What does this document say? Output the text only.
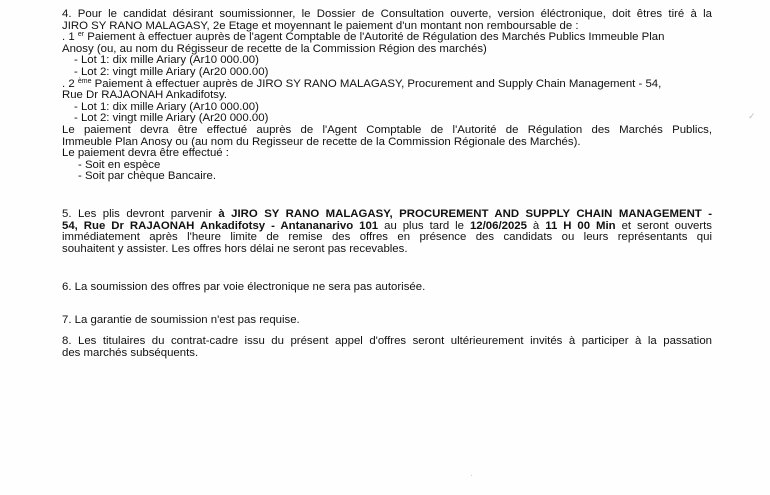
4. Pour le candidat désirant soumissionner, le Dossier de Consultation ouverte, version éléctronique, doit êtres tiré à la
JIRO SY RANO MALAGASY, 2e Etage et moyennant le paiement d'un montant non remboursable de :
. 1 $^{er}$ Paiement à effectuer auprès de l'agent Comptable de l'Autorité de Régulation des Marchés Publics Immeuble Plan
Anosy (ou, au nom du Régisseur de recette de la Commission Région des marchés)
- Lot 1: dix mille Ariary (Ar10 000.00)
- Lot 2: vingt mille Ariary (Ar20 000.00)
. 2 $^{ème}$ Paiement à effectuer auprès de JIRO SY RANO MALAGASY, Procurement and Supply Chain Management - 54,
Rue Dr RAJAONAH Ankadifotsy.
- Lot 1: dix mille Ariary (Ar10 000.00)
- Lot 2: vingt mille Ariary (Ar20 000.00)
Le paiement devra être effectué auprès de l'Agent Comptable de l'Autorité de Régulation des Marchés Publics,
Immeuble Plan Anosy ou (au nom du Regisseur de recette de la Commission Régionale des Marchés).
Le paiement devra être effectué :
- Soit en espèce
- Soit par chèque Bancaire.
5. Les plis devront parvenir à JIRO SY RANO MALAGASY, PROCUREMENT AND SUPPLY CHAIN MANAGEMENT -
54, Rue Dr RAJAONAH Ankadifotsy - Antananarivo 101 au plus tard le 12/06/2025 à 11 H 00 Min et seront ouverts
immédiatement après l'heure limite de remise des offres en présence des candidats ou leurs représentants qui
souhaitent y assister. Les offres hors délai ne seront pas recevables.
6. La soumission des offres par voie électronique ne sera pas autorisée.
7. La garantie de soumission n'est pas requise.
8. Les titulaires du contrat-cadre issu du présent appel d'offres seront ultérieurement invités à participer à la passation
des marchés subséquents.
✓
·
